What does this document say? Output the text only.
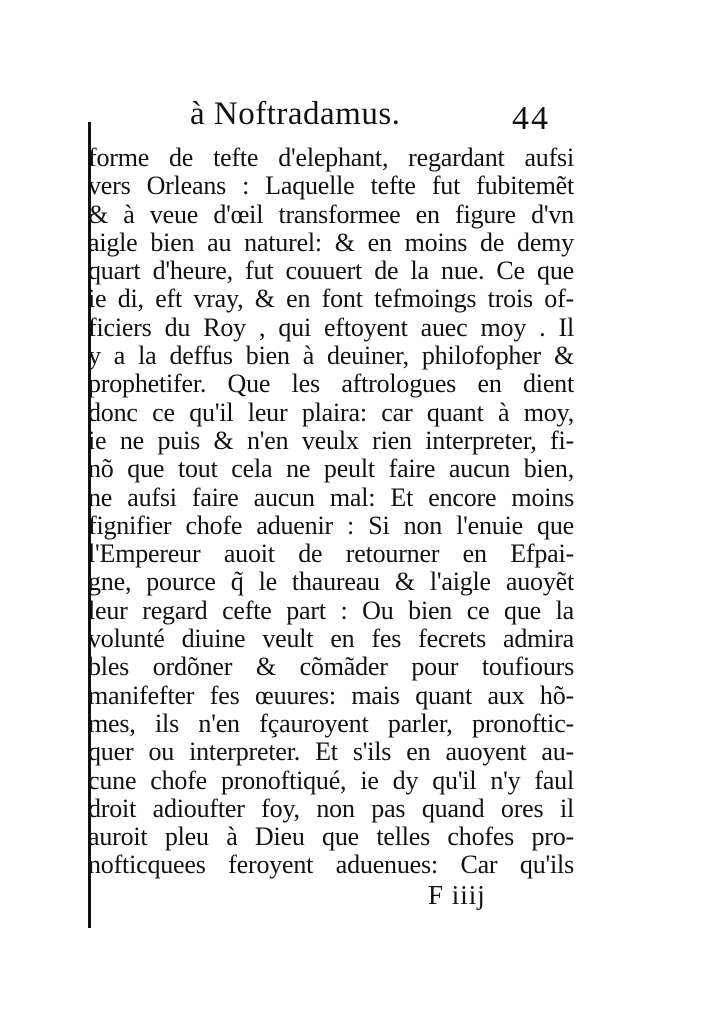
à Noftradamus.	44
forme de tefte d'elephant, regardant aufsi
vers Orleans : Laquelle tefte fut fubitemẽt
& à veue d'œil transformee en figure d'vn
aigle bien au naturel: & en moins de demy
quart d'heure, fut couuert de la nue. Ce que
ie di, eft vray, & en font tefmoings trois of-
ficiers du Roy , qui eftoyent auec moy . Il
y a la deffus bien à deuiner, philofopher &
prophetifer. Que les aftrologues en dient
donc ce qu'il leur plaira: car quant à moy,
ie ne puis & n'en veulx rien interpreter, fi-
nõ que tout cela ne peult faire aucun bien,
ne aufsi faire aucun mal: Et encore moins
fignifier chofe aduenir : Si non l'enuie que
l'Empereur auoit de retourner en Efpai-
gne, pource q̃ le thaureau & l'aigle auoyẽt
leur regard cefte part : Ou bien ce que la
volunté diuine veult en fes fecrets admira
bles ordõner & cõmãder pour toufiours
manifefter fes œuures: mais quant aux hõ-
mes, ils n'en fçauroyent parler, pronoftic-
quer ou interpreter. Et s'ils en auoyent au-
cune chofe pronoftiqué, ie dy qu'il n'y faul
droit adioufter foy, non pas quand ores il
auroit pleu à Dieu que telles chofes pro-
nofticquees feroyent aduenues: Car qu'ils
F iiij
